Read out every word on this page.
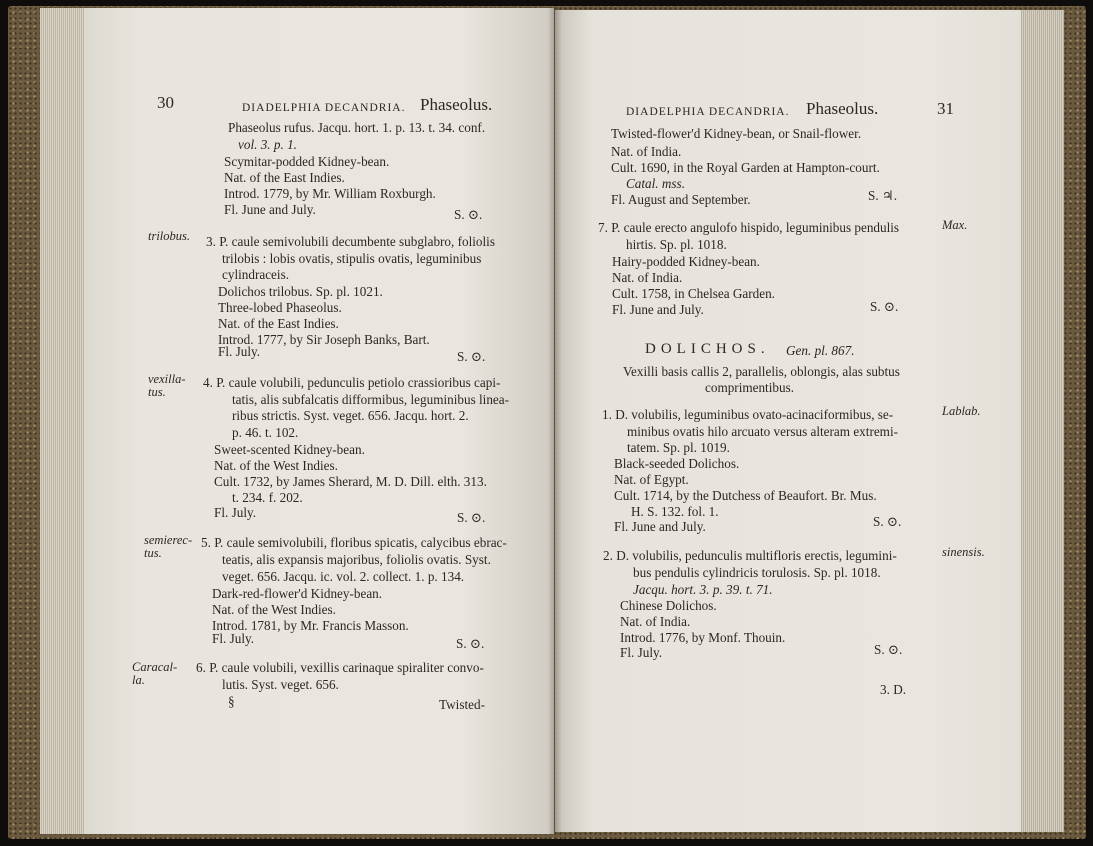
30	DIADELPHIA DECANDRIA. Phaseolus.
Phaseolus rufus. Jacqu. hort. 1. p. 13. t. 34. conf.
vol. 3. p. 1.
Scymitar-podded Kidney-bean.
Nat. of the East Indies.
Introd. 1779, by Mr. William Roxburgh.
Fl. June and July.	S. ⊙.
trilobus. 3. P. caule semivolubili decumbente subglabro, foliolis
trilobis : lobis ovatis, stipulis ovatis, leguminibus
cylindraceis.
Dolichos trilobus. Sp. pl. 1021.
Three-lobed Phaseolus.
Nat. of the East Indies.
Introd. 1777, by Sir Joseph Banks, Bart.
Fl. July.	S. ⊙.
vexilla-
tus.
4. P. caule volubili, pedunculis petiolo crassioribus capi-
tatis, alis subfalcatis difformibus, leguminibus linea-
ribus strictis. Syst. veget. 656. Jacqu. hort. 2.
p. 46. t. 102.
Sweet-scented Kidney-bean.
Nat. of the West Indies.
Cult. 1732, by James Sherard, M. D. Dill. elth. 313.
t. 234. f. 202.
Fl. July.	S. ⊙.
semierec-
tus.
5. P. caule semivolubili, floribus spicatis, calycibus ebrac-
teatis, alis expansis majoribus, foliolis ovatis. Syst.
veget. 656. Jacqu. ic. vol. 2. collect. 1. p. 134.
Dark-red-flower'd Kidney-bean.
Nat. of the West Indies.
Introd. 1781, by Mr. Francis Masson.
Fl. July.	S. ⊙.
Caracal-
la.
6. P. caule volubili, vexillis carinaque spiraliter convo-
lutis. Syst. veget. 656.
§	Twisted-
DIADELPHIA DECANDRIA. Phaseolus.	31
Twisted-flower'd Kidney-bean, or Snail-flower.
Nat. of India.
Cult. 1690, in the Royal Garden at Hampton-court.
Catal. mss.
Fl. August and September.	S. ♃.
7. P. caule erecto angulofo hispido, leguminibus pendulis	Max.
hirtis. Sp. pl. 1018.
Hairy-podded Kidney-bean.
Nat. of India.
Cult. 1758, in Chelsea Garden.
Fl. June and July.	S. ⊙.
DOLICHOS. Gen. pl. 867.
Vexilli basis callis 2, parallelis, oblongis, alas subtus
comprimentibus.
1. D. volubilis, leguminibus ovato-acinaciformibus, se-	Lablab.
minibus ovatis hilo arcuato versus alteram extremi-
tatem. Sp. pl. 1019.
Black-seeded Dolichos.
Nat. of Egypt.
Cult. 1714, by the Dutchess of Beaufort. Br. Mus.
H. S. 132. fol. 1.
Fl. June and July.	S. ⊙.
2. D. volubilis, pedunculis multifloris erectis, legumini-	sinensis.
bus pendulis cylindricis torulosis. Sp. pl. 1018.
Jacqu. hort. 3. p. 39. t. 71.
Chinese Dolichos.
Nat. of India.
Introd. 1776, by Monf. Thouin.
Fl. July.	S. ⊙.
3. D.
